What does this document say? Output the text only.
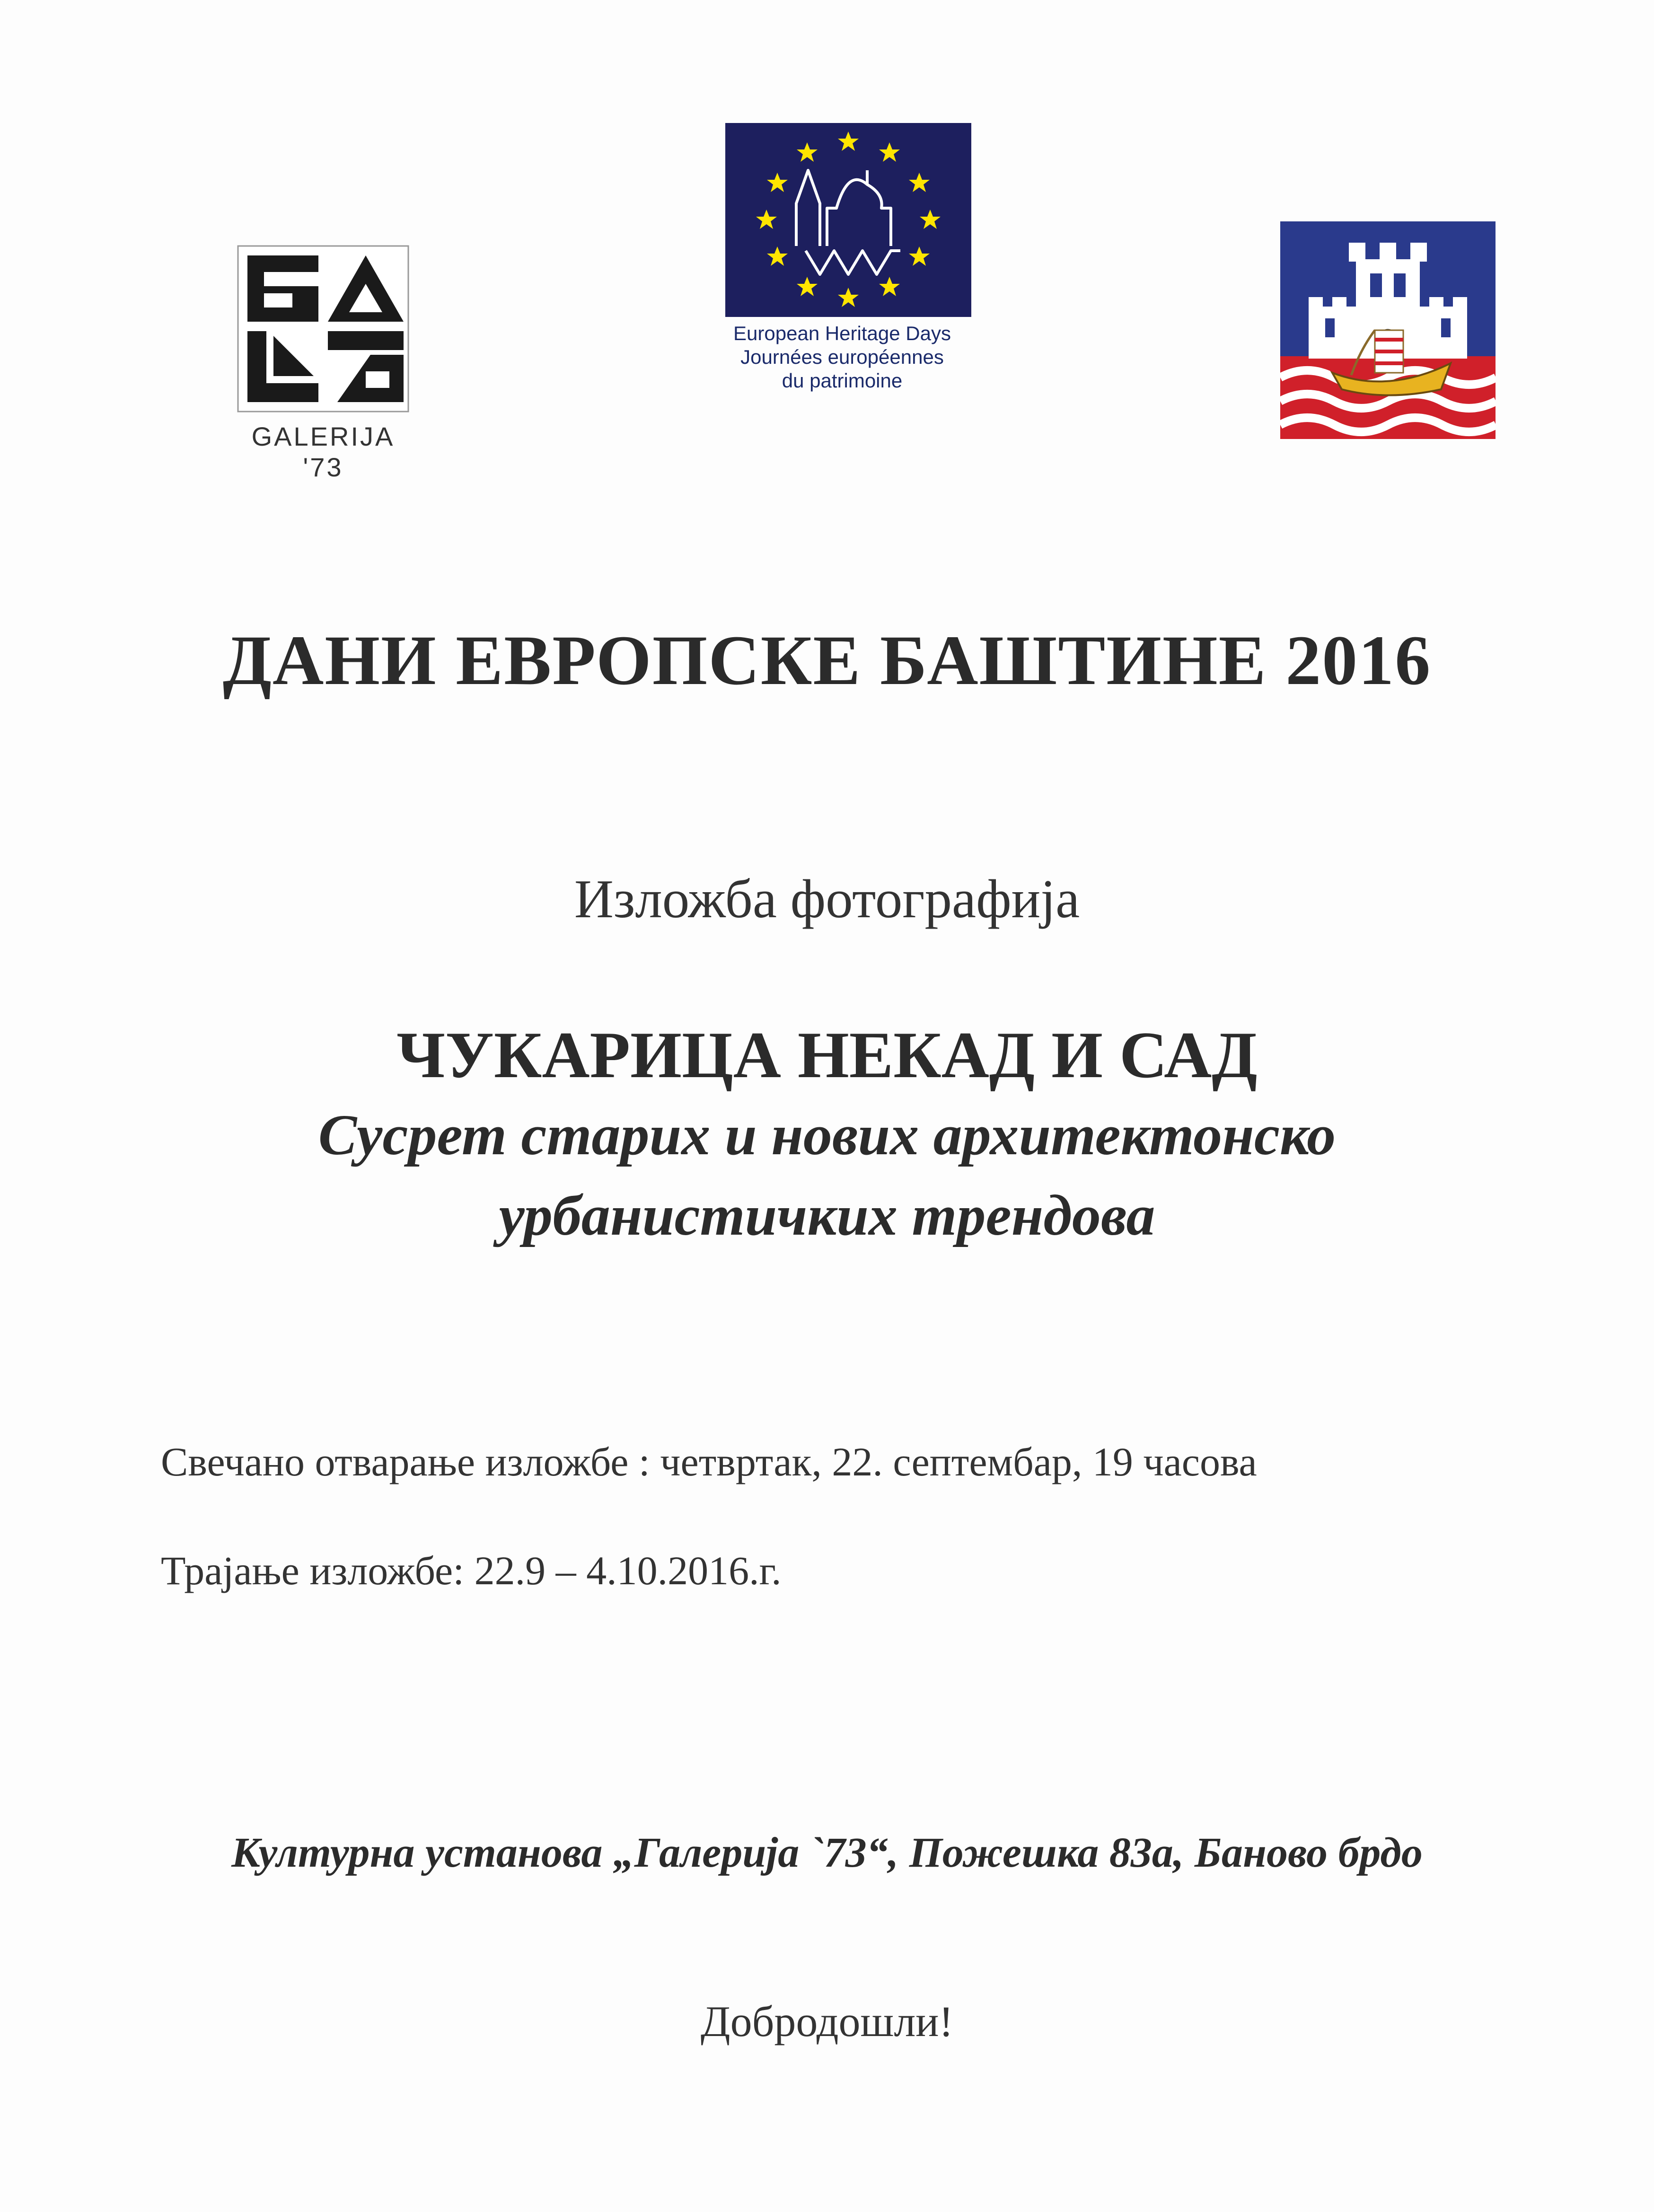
GALERIJA '73
European Heritage Days
Journées européennes
du patrimoine
ДАНИ ЕВРОПСКЕ БАШТИНЕ 2016
Изложба фотографија
ЧУКАРИЦА НЕКАД И САД
Сусрет старих и нових архитектонско
урбанистичких трендова
Свечано отварање изложбе : четвртак, 22. септембар, 19 часова
Трајање изложбе: 22.9 – 4.10.2016.г.
Културна установа „Галерија `73“, Пожешка 83а, Баново брдо
Добродошли!
